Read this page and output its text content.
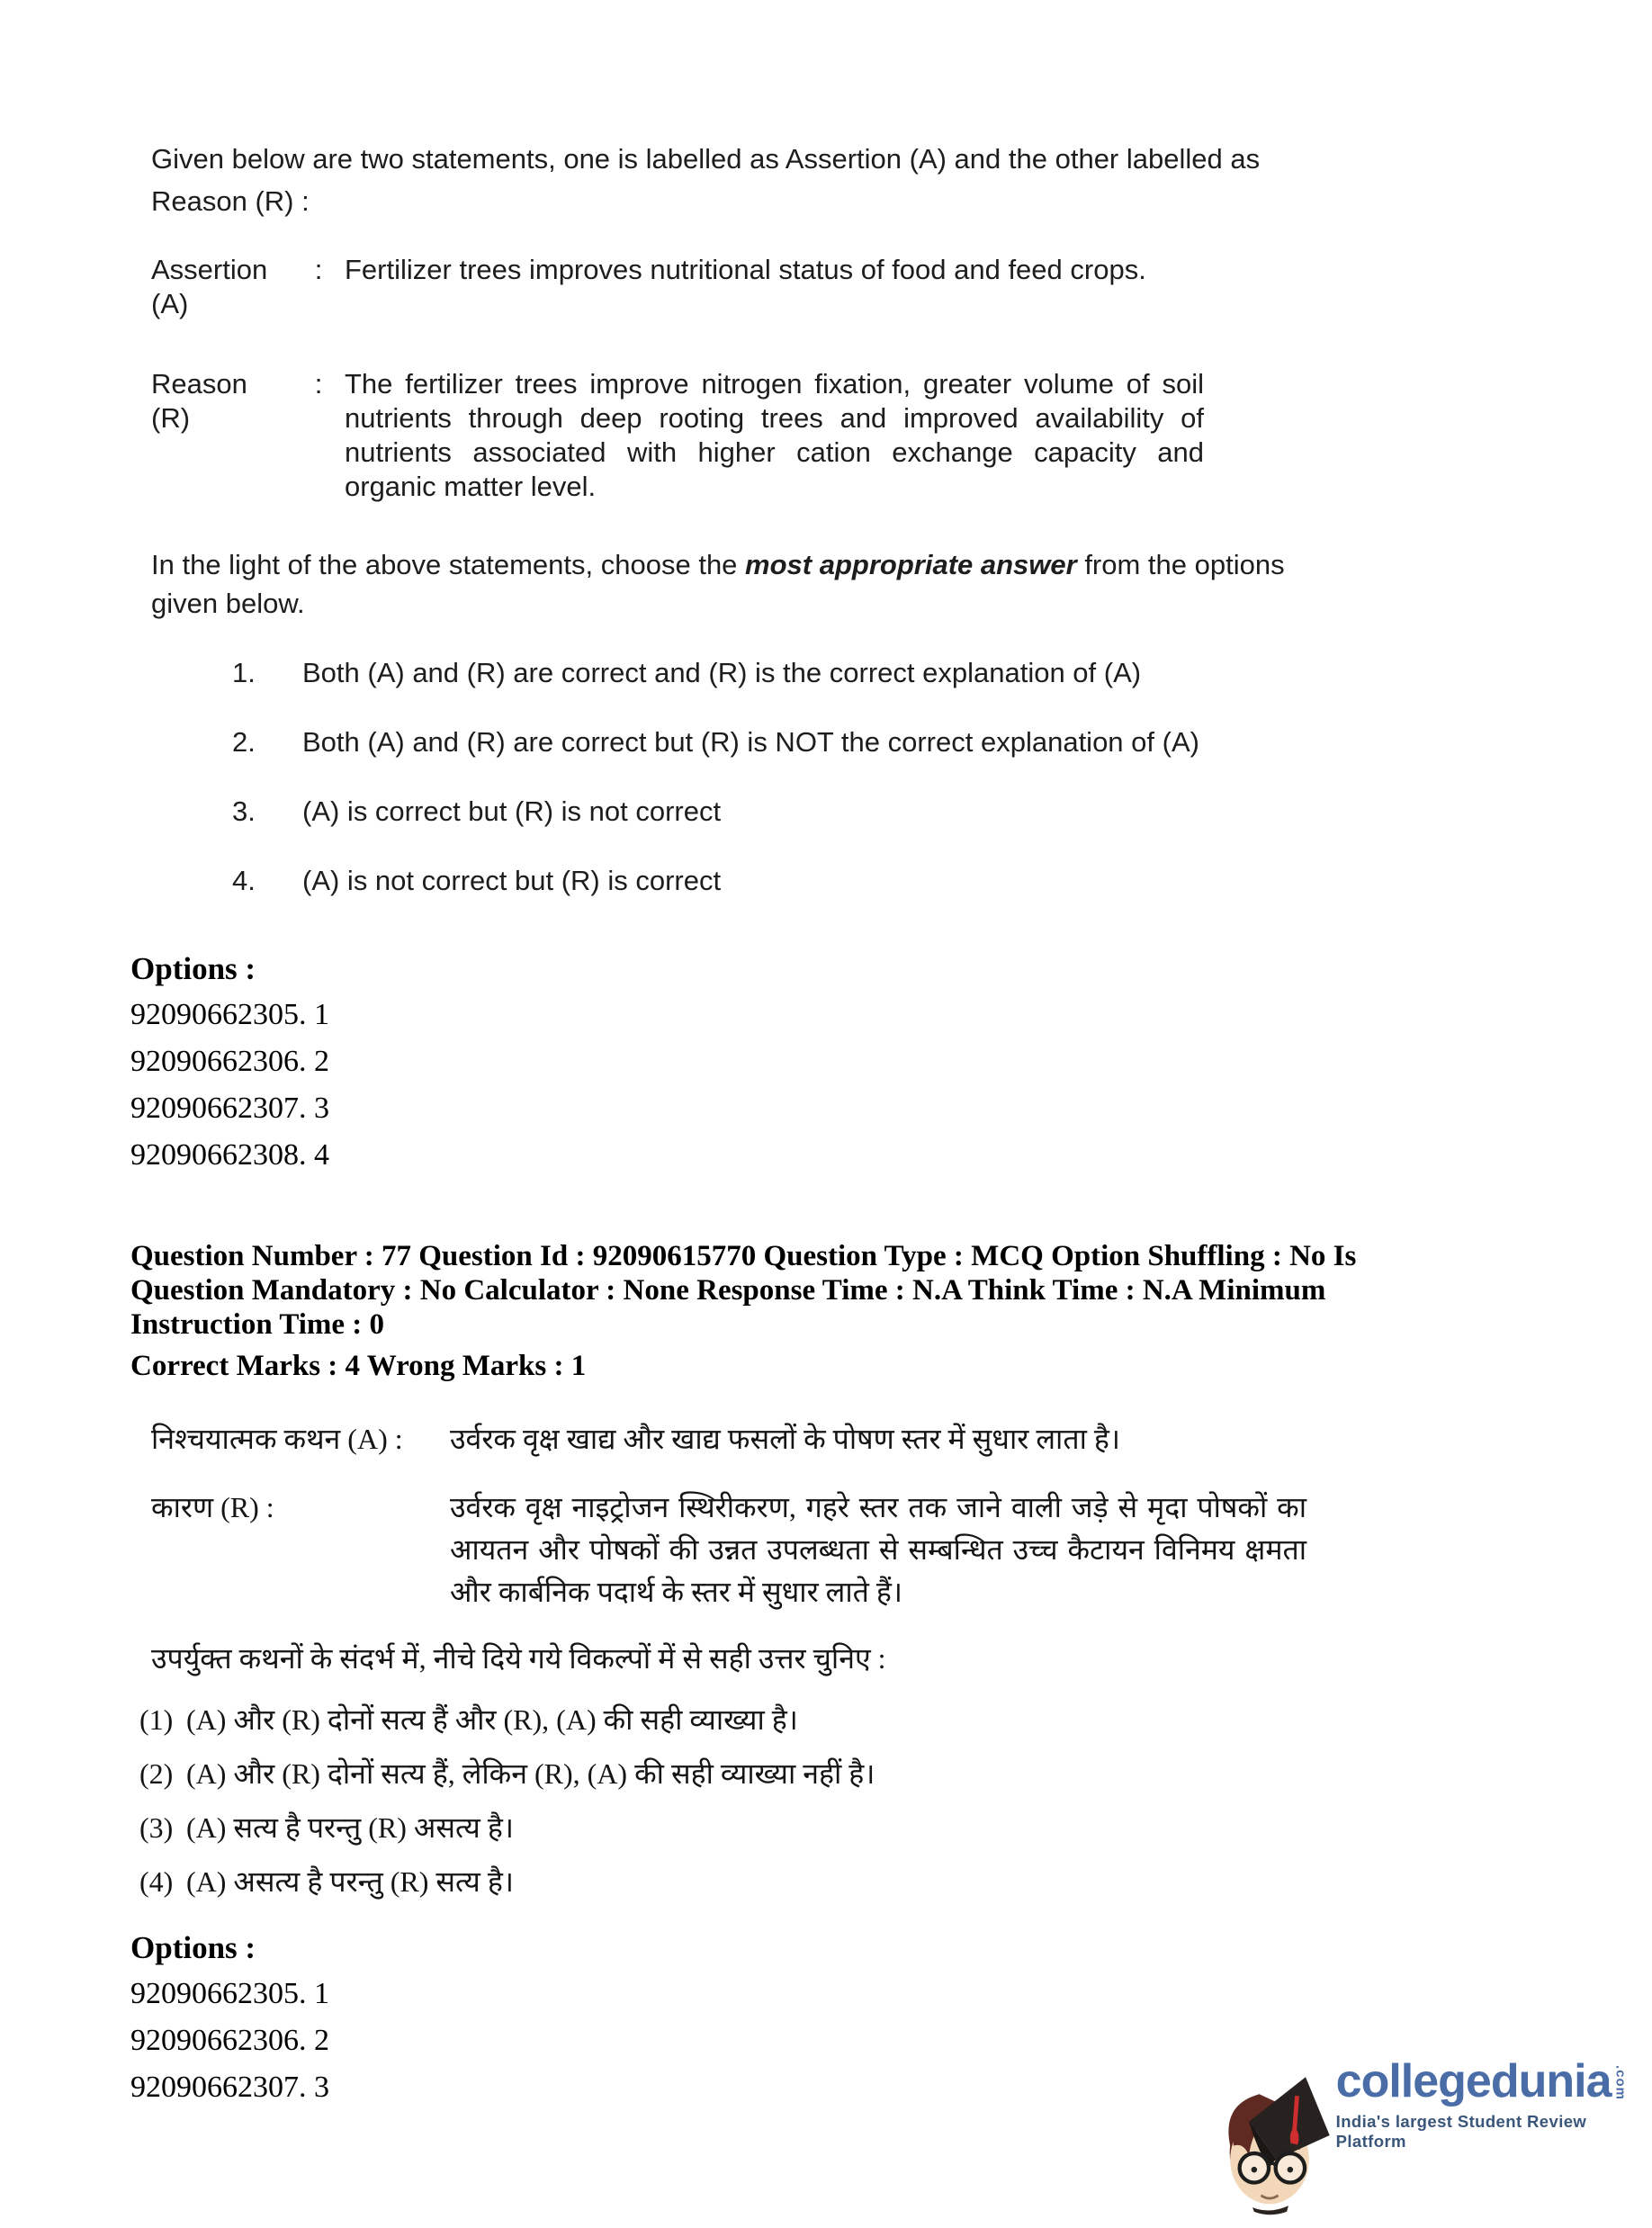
Given below are two statements, one is labelled as Assertion (A) and the other labelled as Reason (R) :
Assertion (A)
: Fertilizer trees improves nutritional status of food and feed crops.
Reason (R)
: The fertilizer trees improve nitrogen fixation, greater volume of soil nutrients through deep rooting trees and improved availability of nutrients associated with higher cation exchange capacity and organic matter level.
In the light of the above statements, choose the most appropriate answer from the options given below.
1.	Both (A) and (R) are correct and (R) is the correct explanation of (A)
2.	Both (A) and (R) are correct but (R) is NOT the correct explanation of (A)
3.	(A) is correct but (R) is not correct
4.	(A) is not correct but (R) is correct
Options :
92090662305. 1
92090662306. 2
92090662307. 3
92090662308. 4
Question Number : 77 Question Id : 92090615770 Question Type : MCQ Option Shuffling : No Is
Question Mandatory : No Calculator : None Response Time : N.A Think Time : N.A Minimum
Instruction Time : 0
Correct Marks : 4 Wrong Marks : 1
निश्चयात्मक कथन (A) :	उर्वरक वृक्ष खाद्य और खाद्य फसलों के पोषण स्तर में सुधार लाता है।
कारण (R) :	उर्वरक वृक्ष नाइट्रोजन स्थिरीकरण, गहरे स्तर तक जाने वाली जड़े से मृदा पोषकों का आयतन और पोषकों की उन्नत उपलब्धता से सम्बन्धित उच्च कैटायन विनिमय क्षमता और कार्बनिक पदार्थ के स्तर में सुधार लाते हैं।
उपर्युक्त कथनों के संदर्भ में, नीचे दिये गये विकल्पों में से सही उत्तर चुनिए :
(1) (A) और (R) दोनों सत्य हैं और (R), (A) की सही व्याख्या है।
(2) (A) और (R) दोनों सत्य हैं, लेकिन (R), (A) की सही व्याख्या नहीं है।
(3) (A) सत्य है परन्तु (R) असत्य है।
(4) (A) असत्य है परन्तु (R) सत्य है।
Options :
92090662305. 1
92090662306. 2
92090662307. 3	collegedunia .com
India's largest Student Review Platform
